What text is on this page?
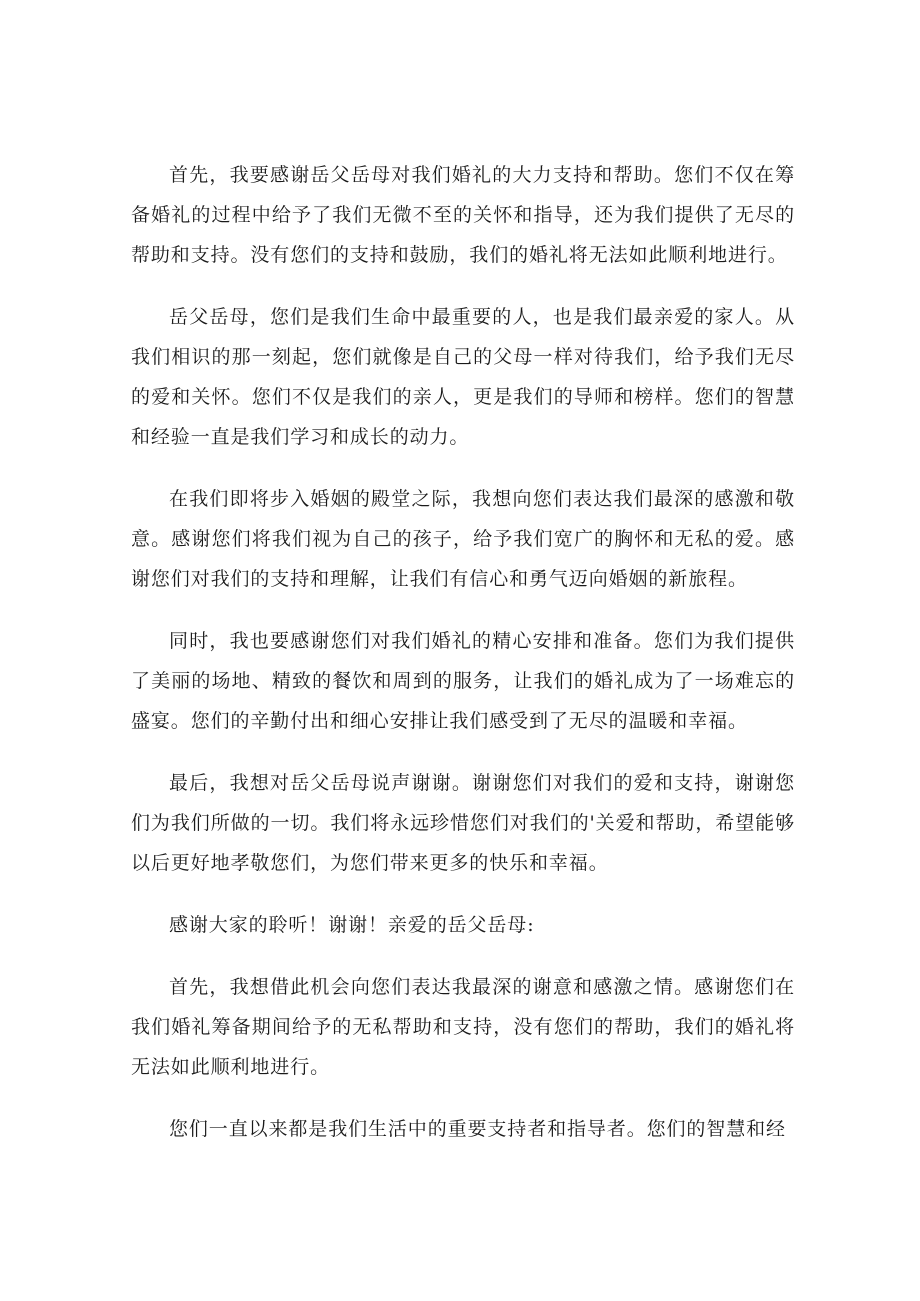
首先，我要感谢岳父岳母对我们婚礼的大力支持和帮助。您们不仅在筹备婚礼的过程中给予了我们无微不至的关怀和指导，还为我们提供了无尽的帮助和支持。没有您们的支持和鼓励，我们的婚礼将无法如此顺利地进行。

岳父岳母，您们是我们生命中最重要的人，也是我们最亲爱的家人。从我们相识的那一刻起，您们就像是自己的父母一样对待我们，给予我们无尽的爱和关怀。您们不仅是我们的亲人，更是我们的导师和榜样。您们的智慧和经验一直是我们学习和成长的动力。

在我们即将步入婚姻的殿堂之际，我想向您们表达我们最深的感激和敬意。感谢您们将我们视为自己的孩子，给予我们宽广的胸怀和无私的爱。感谢您们对我们的支持和理解，让我们有信心和勇气迈向婚姻的新旅程。

同时，我也要感谢您们对我们婚礼的精心安排和准备。您们为我们提供了美丽的场地、精致的餐饮和周到的服务，让我们的婚礼成为了一场难忘的盛宴。您们的辛勤付出和细心安排让我们感受到了无尽的温暖和幸福。

最后，我想对岳父岳母说声谢谢。谢谢您们对我们的爱和支持，谢谢您们为我们所做的一切。我们将永远珍惜您们对我们的'关爱和帮助，希望能够以后更好地孝敬您们，为您们带来更多的快乐和幸福。

感谢大家的聆听！谢谢！亲爱的岳父岳母:

首先，我想借此机会向您们表达我最深的谢意和感激之情。感谢您们在我们婚礼筹备期间给予的无私帮助和支持，没有您们的帮助，我们的婚礼将无法如此顺利地进行。

您们一直以来都是我们生活中的重要支持者和指导者。您们的智慧和经
